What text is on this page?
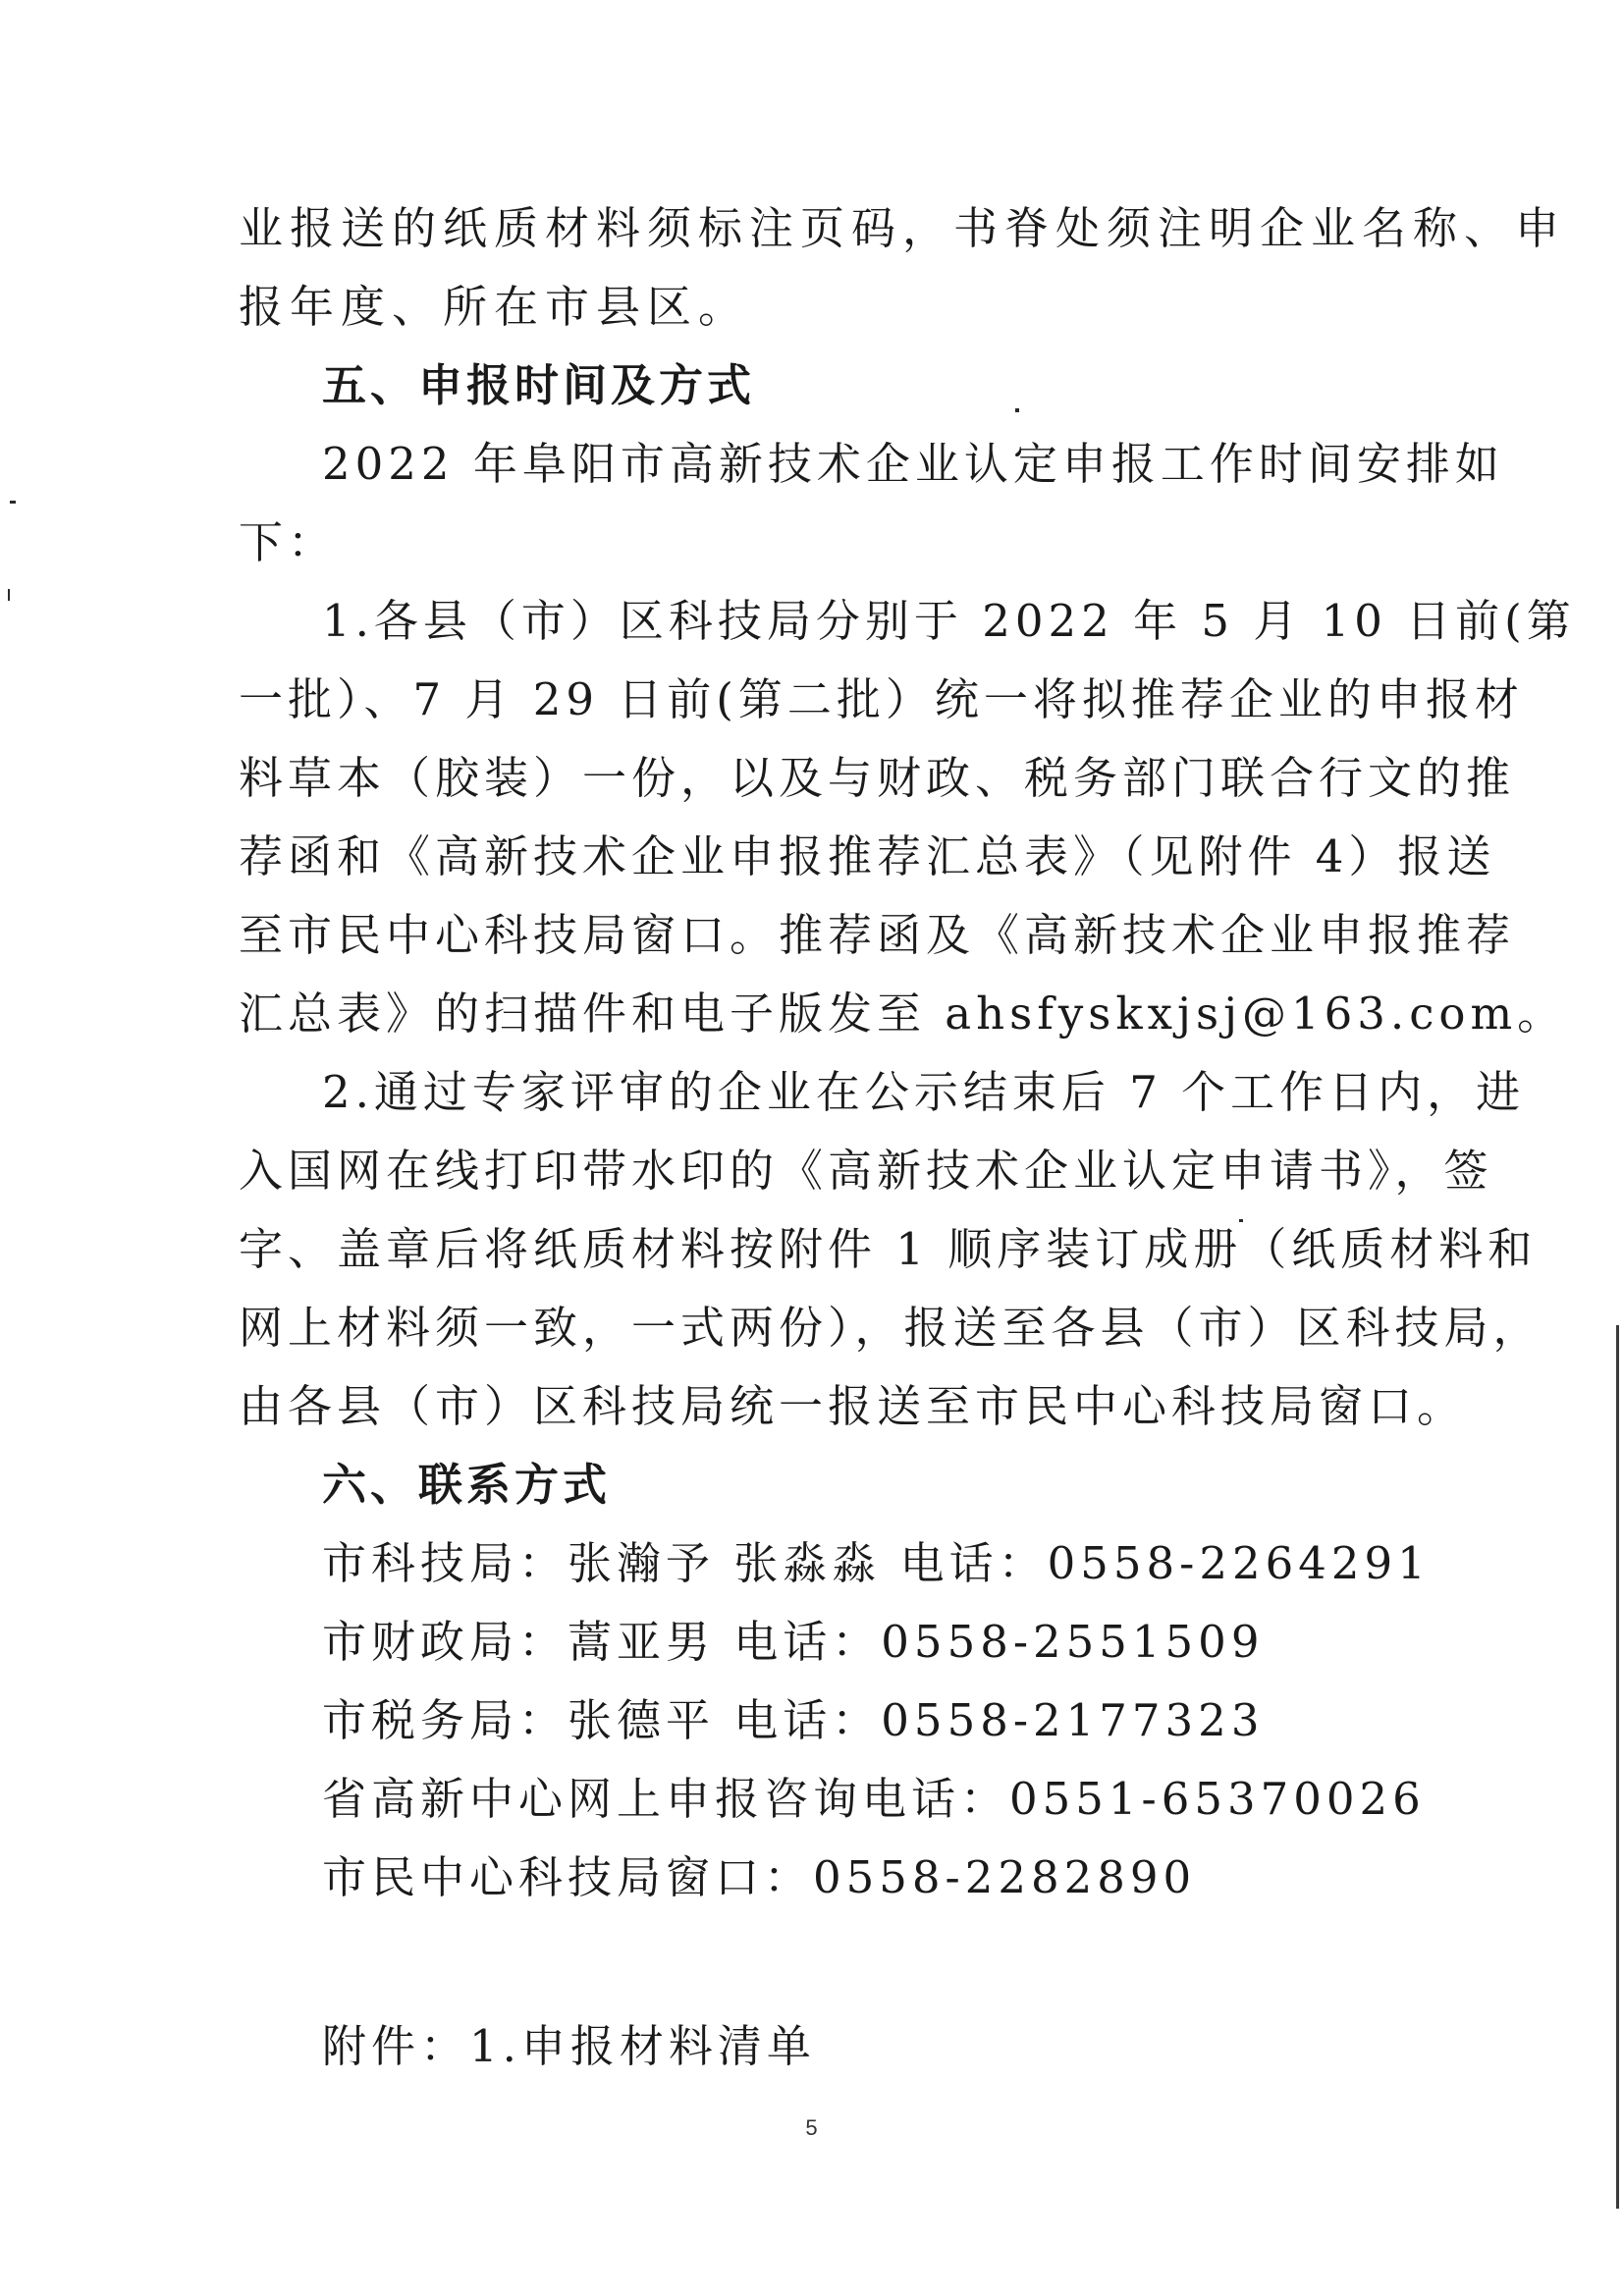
业报送的纸质材料须标注页码，书脊处须注明企业名称、申
报年度、所在市县区。
五、申报时间及方式
2022 年阜阳市高新技术企业认定申报工作时间安排如
下：
1.各县（市）区科技局分别于 2022 年 5 月 10 日前(第
一批）、7 月 29 日前(第二批）统一将拟推荐企业的申报材
料草本（胶装）一份，以及与财政、税务部门联合行文的推
荐函和《高新技术企业申报推荐汇总表》（见附件 4）报送
至市民中心科技局窗口。推荐函及《高新技术企业申报推荐
汇总表》的扫描件和电子版发至 ahsfyskxjsj@163.com。
2.通过专家评审的企业在公示结束后 7 个工作日内，进
入国网在线打印带水印的《高新技术企业认定申请书》，签
字、盖章后将纸质材料按附件 1 顺序装订成册（纸质材料和
网上材料须一致，一式两份），报送至各县（市）区科技局，
由各县（市）区科技局统一报送至市民中心科技局窗口。
六、联系方式
市科技局：张瀚予 张淼淼 电话：0558-2264291
市财政局：蒿亚男 电话：0558-2551509
市税务局：张德平 电话：0558-2177323
省高新中心网上申报咨询电话：0551-65370026
市民中心科技局窗口：0558-2282890
附件：1.申报材料清单
5
